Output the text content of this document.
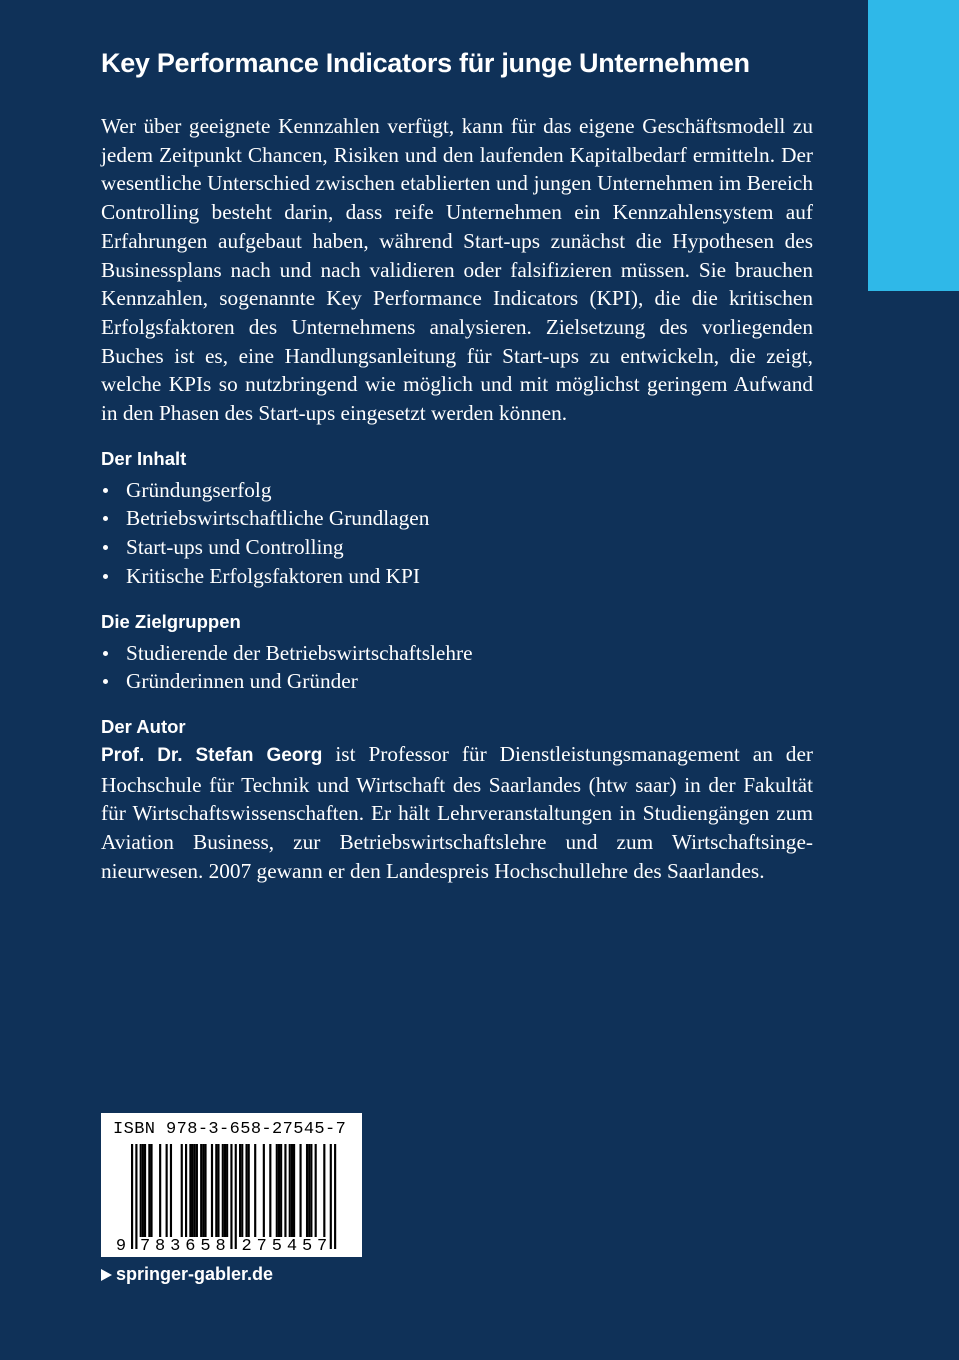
Key Performance Indicators für junge Unternehmen

Wer über geeignete Kennzahlen verfügt, kann für das eigene Geschäftsmodell zu jedem Zeitpunkt Chancen, Risiken und den laufenden Kapitalbedarf ermitteln. Der wesentliche Unterschied zwischen etablierten und jungen Unternehmen im Bereich Controlling besteht darin, dass reife Unternehmen ein Kennzahlensystem auf Erfahrungen aufgebaut haben, während Start-ups zunächst die Hypothesen des Businessplans nach und nach validieren oder falsifizieren müssen. Sie brauchen Kennzahlen, sogenannte Key Performance Indicators (KPI), die die kritischen Erfolgsfaktoren des Unternehmens analysieren. Zielsetzung des vorliegenden Buches ist es, eine Handlungsanleitung für Start-ups zu entwickeln, die zeigt, welche KPIs so nutzbringend wie möglich und mit möglichst geringem Aufwand in den Phasen des Start-ups eingesetzt werden können.

Der Inhalt
Gründungserfolg
Betriebswirtschaftliche Grundlagen
Start-ups und Controlling
Kritische Erfolgsfaktoren und KPI
Die Zielgruppen
Studierende der Betriebswirtschaftslehre
Gründerinnen und Gründer
Der Autor

Prof. Dr. Stefan Georg ist Professor für Dienstleistungsmanagement an der Hochschule für Technik und Wirtschaft des Saarlandes (htw saar) in der Fakultät für Wirtschaftswissenschaften. Er hält Lehrveranstaltungen in Studiengängen zum Aviation Business, zur Betriebswirtschaftslehre und zum Wirtschaftsingenieurwesen. 2007 gewann er den Landespreis Hochschullehre des Saarlandes.

9 7 8 3 6 5 8 2 7 5 4 5 7
ISBN 978-3-658-27545-7
springer-gabler.de
